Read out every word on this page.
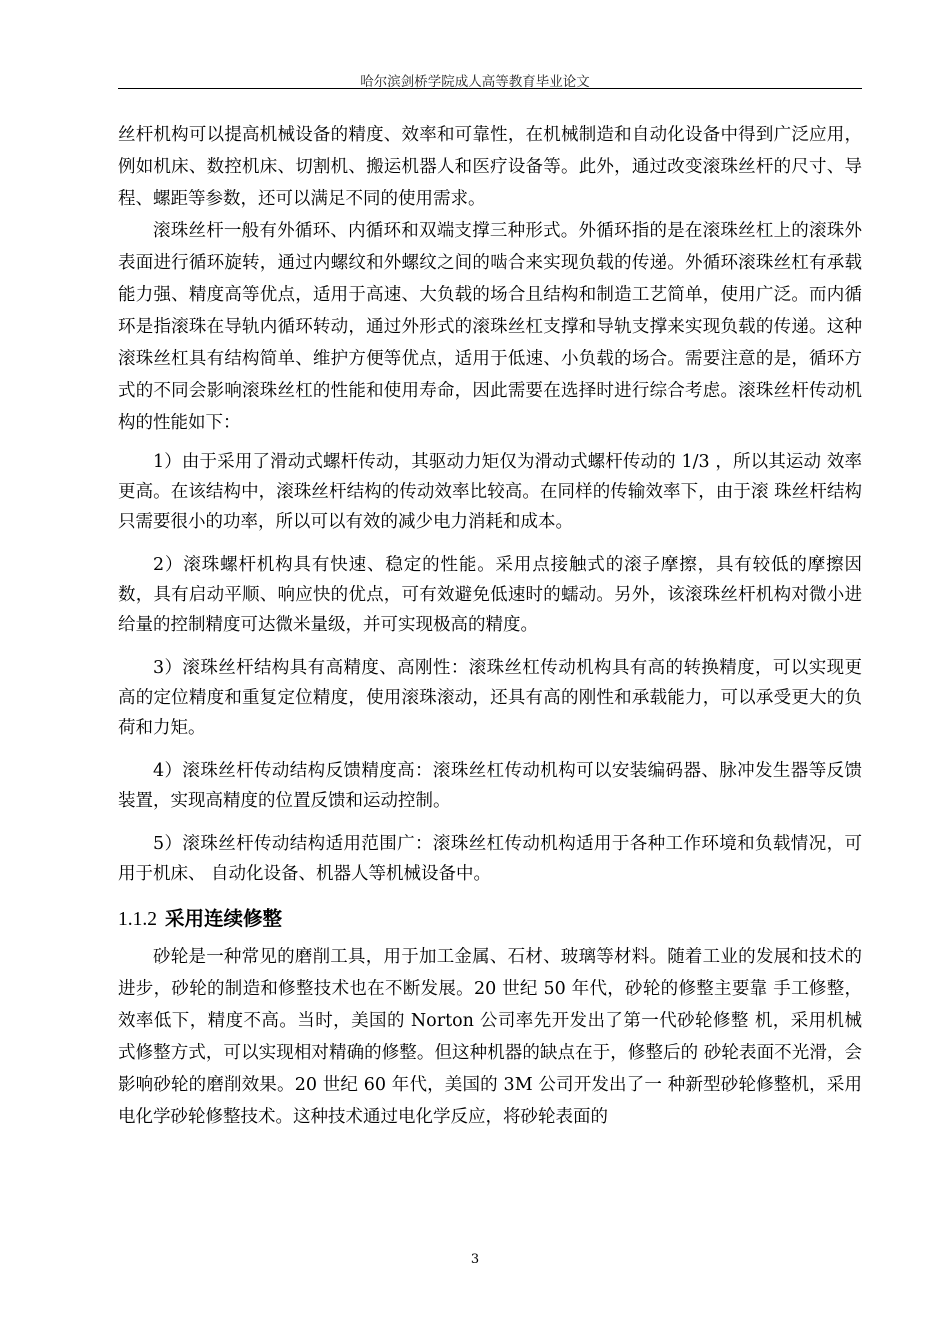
哈尔滨剑桥学院成人高等教育毕业论文

丝杆机构可以提高机械设备的精度、效率和可靠性，在机械制造和自动化设备中得到广泛应用，例如机床、数控机床、切割机、搬运机器人和医疗设备等。此外，通过改变滚珠丝杆的尺寸、导程、螺距等参数，还可以满足不同的使用需求。

滚珠丝杆一般有外循环、内循环和双端支撑三种形式。外循环指的是在滚珠丝杠上的滚珠外表面进行循环旋转，通过内螺纹和外螺纹之间的啮合来实现负载的传递。外循环滚珠丝杠有承载能力强、精度高等优点，适用于高速、大负载的场合且结构和制造工艺简单，使用广泛。而内循环是指滚珠在导轨内循环转动，通过外形式的滚珠丝杠支撑和导轨支撑来实现负载的传递。这种滚珠丝杠具有结构简单、维护方便等优点，适用于低速、小负载的场合。需要注意的是，循环方式的不同会影响滚珠丝杠的性能和使用寿命，因此需要在选择时进行综合考虑。滚珠丝杆传动机构的性能如下：

1）由于采用了滑动式螺杆传动，其驱动力矩仅为滑动式螺杆传动的 1/3 ，所以其运动 效率更高。在该结构中，滚珠丝杆结构的传动效率比较高。在同样的传输效率下，由于滚 珠丝杆结构只需要很小的功率，所以可以有效的减少电力消耗和成本。

2）滚珠螺杆机构具有快速、稳定的性能。采用点接触式的滚子摩擦，具有较低的摩擦因数，具有启动平顺、响应快的优点，可有效避免低速时的蠕动。另外，该滚珠丝杆机构对微小进给量的控制精度可达微米量级，并可实现极高的精度。

3）滚珠丝杆结构具有高精度、高刚性：滚珠丝杠传动机构具有高的转换精度，可以实现更高的定位精度和重复定位精度，使用滚珠滚动，还具有高的刚性和承载能力，可以承受更大的负荷和力矩。

4）滚珠丝杆传动结构反馈精度高：滚珠丝杠传动机构可以安装编码器、脉冲发生器等反馈装置，实现高精度的位置反馈和运动控制。

5）滚珠丝杆传动结构适用范围广：滚珠丝杠传动机构适用于各种工作环境和负载情况，可用于机床、 自动化设备、机器人等机械设备中。

1.1.2 采用连续修整

砂轮是一种常见的磨削工具，用于加工金属、石材、玻璃等材料。随着工业的发展和技术的进步，砂轮的制造和修整技术也在不断发展。20 世纪 50 年代，砂轮的修整主要靠 手工修整，效率低下，精度不高。当时，美国的 Norton 公司率先开发出了第一代砂轮修整 机，采用机械式修整方式，可以实现相对精确的修整。但这种机器的缺点在于，修整后的 砂轮表面不光滑，会影响砂轮的磨削效果。20 世纪 60 年代，美国的 3M 公司开发出了一 种新型砂轮修整机，采用电化学砂轮修整技术。这种技术通过电化学反应，将砂轮表面的

3
